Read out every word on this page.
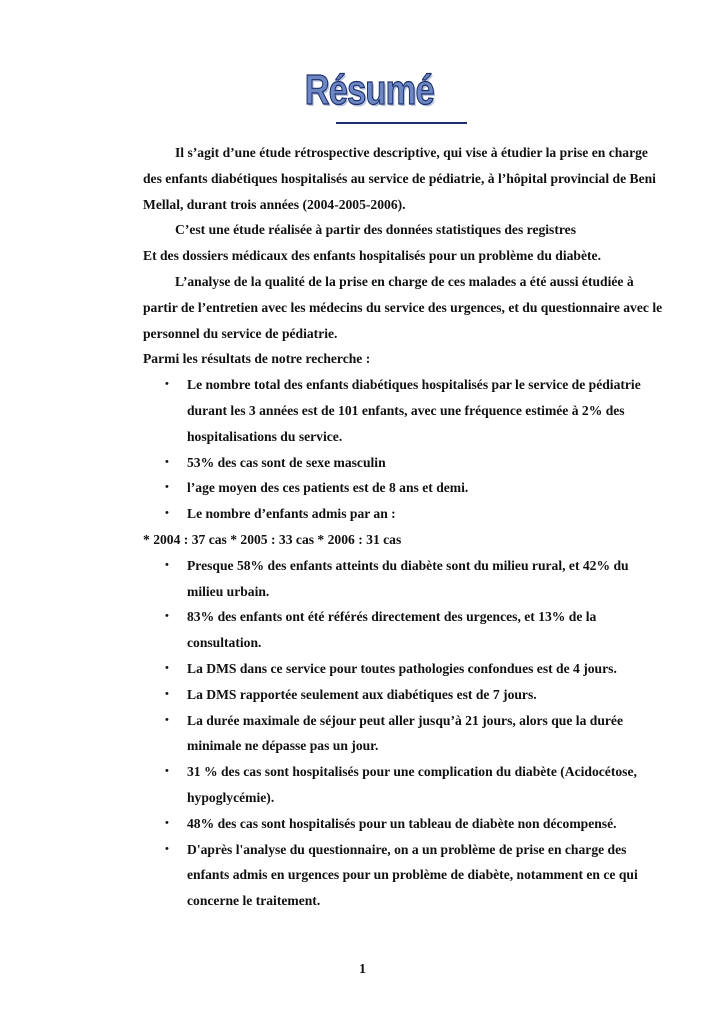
Résumé

Il s’agit d’une étude rétrospective descriptive, qui vise à étudier la prise en charge des enfants diabétiques hospitalisés au service de pédiatrie, à l’hôpital provincial de Beni Mellal, durant trois années (2004-2005-2006).

C’est une étude réalisée à partir des données statistiques des registres

Et des dossiers médicaux des enfants hospitalisés pour un problème du diabète.

L’analyse de la qualité de la prise en charge de ces malades a été aussi étudiée à partir de l’entretien avec les médecins du service des urgences, et du questionnaire avec le personnel du service de pédiatrie.

Parmi les résultats de notre recherche :

• Le nombre total des enfants diabétiques hospitalisés par le service de pédiatrie durant les 3 années est de 101 enfants, avec une fréquence estimée à 2% des hospitalisations du service.
• 53% des cas sont de sexe masculin
• l’age moyen des ces patients est de 8 ans et demi.
• Le nombre d’enfants admis par an :

* 2004 : 37 cas * 2005 : 33 cas * 2006 : 31 cas

• Presque 58% des enfants atteints du diabète sont du milieu rural, et 42% du milieu urbain.
• 83% des enfants ont été référés directement des urgences, et 13% de la consultation.
• La DMS dans ce service pour toutes pathologies confondues est de 4 jours.
• La DMS rapportée seulement aux diabétiques est de 7 jours.
• La durée maximale de séjour peut aller jusqu’à 21 jours, alors que la durée minimale ne dépasse pas un jour.
• 31 % des cas sont hospitalisés pour une complication du diabète (Acidocétose, hypoglycémie).
• 48% des cas sont hospitalisés pour un tableau de diabète non décompensé.
• D'après l'analyse du questionnaire, on a un problème de prise en charge des enfants admis en urgences pour un problème de diabète, notamment en ce qui concerne le traitement.
1
